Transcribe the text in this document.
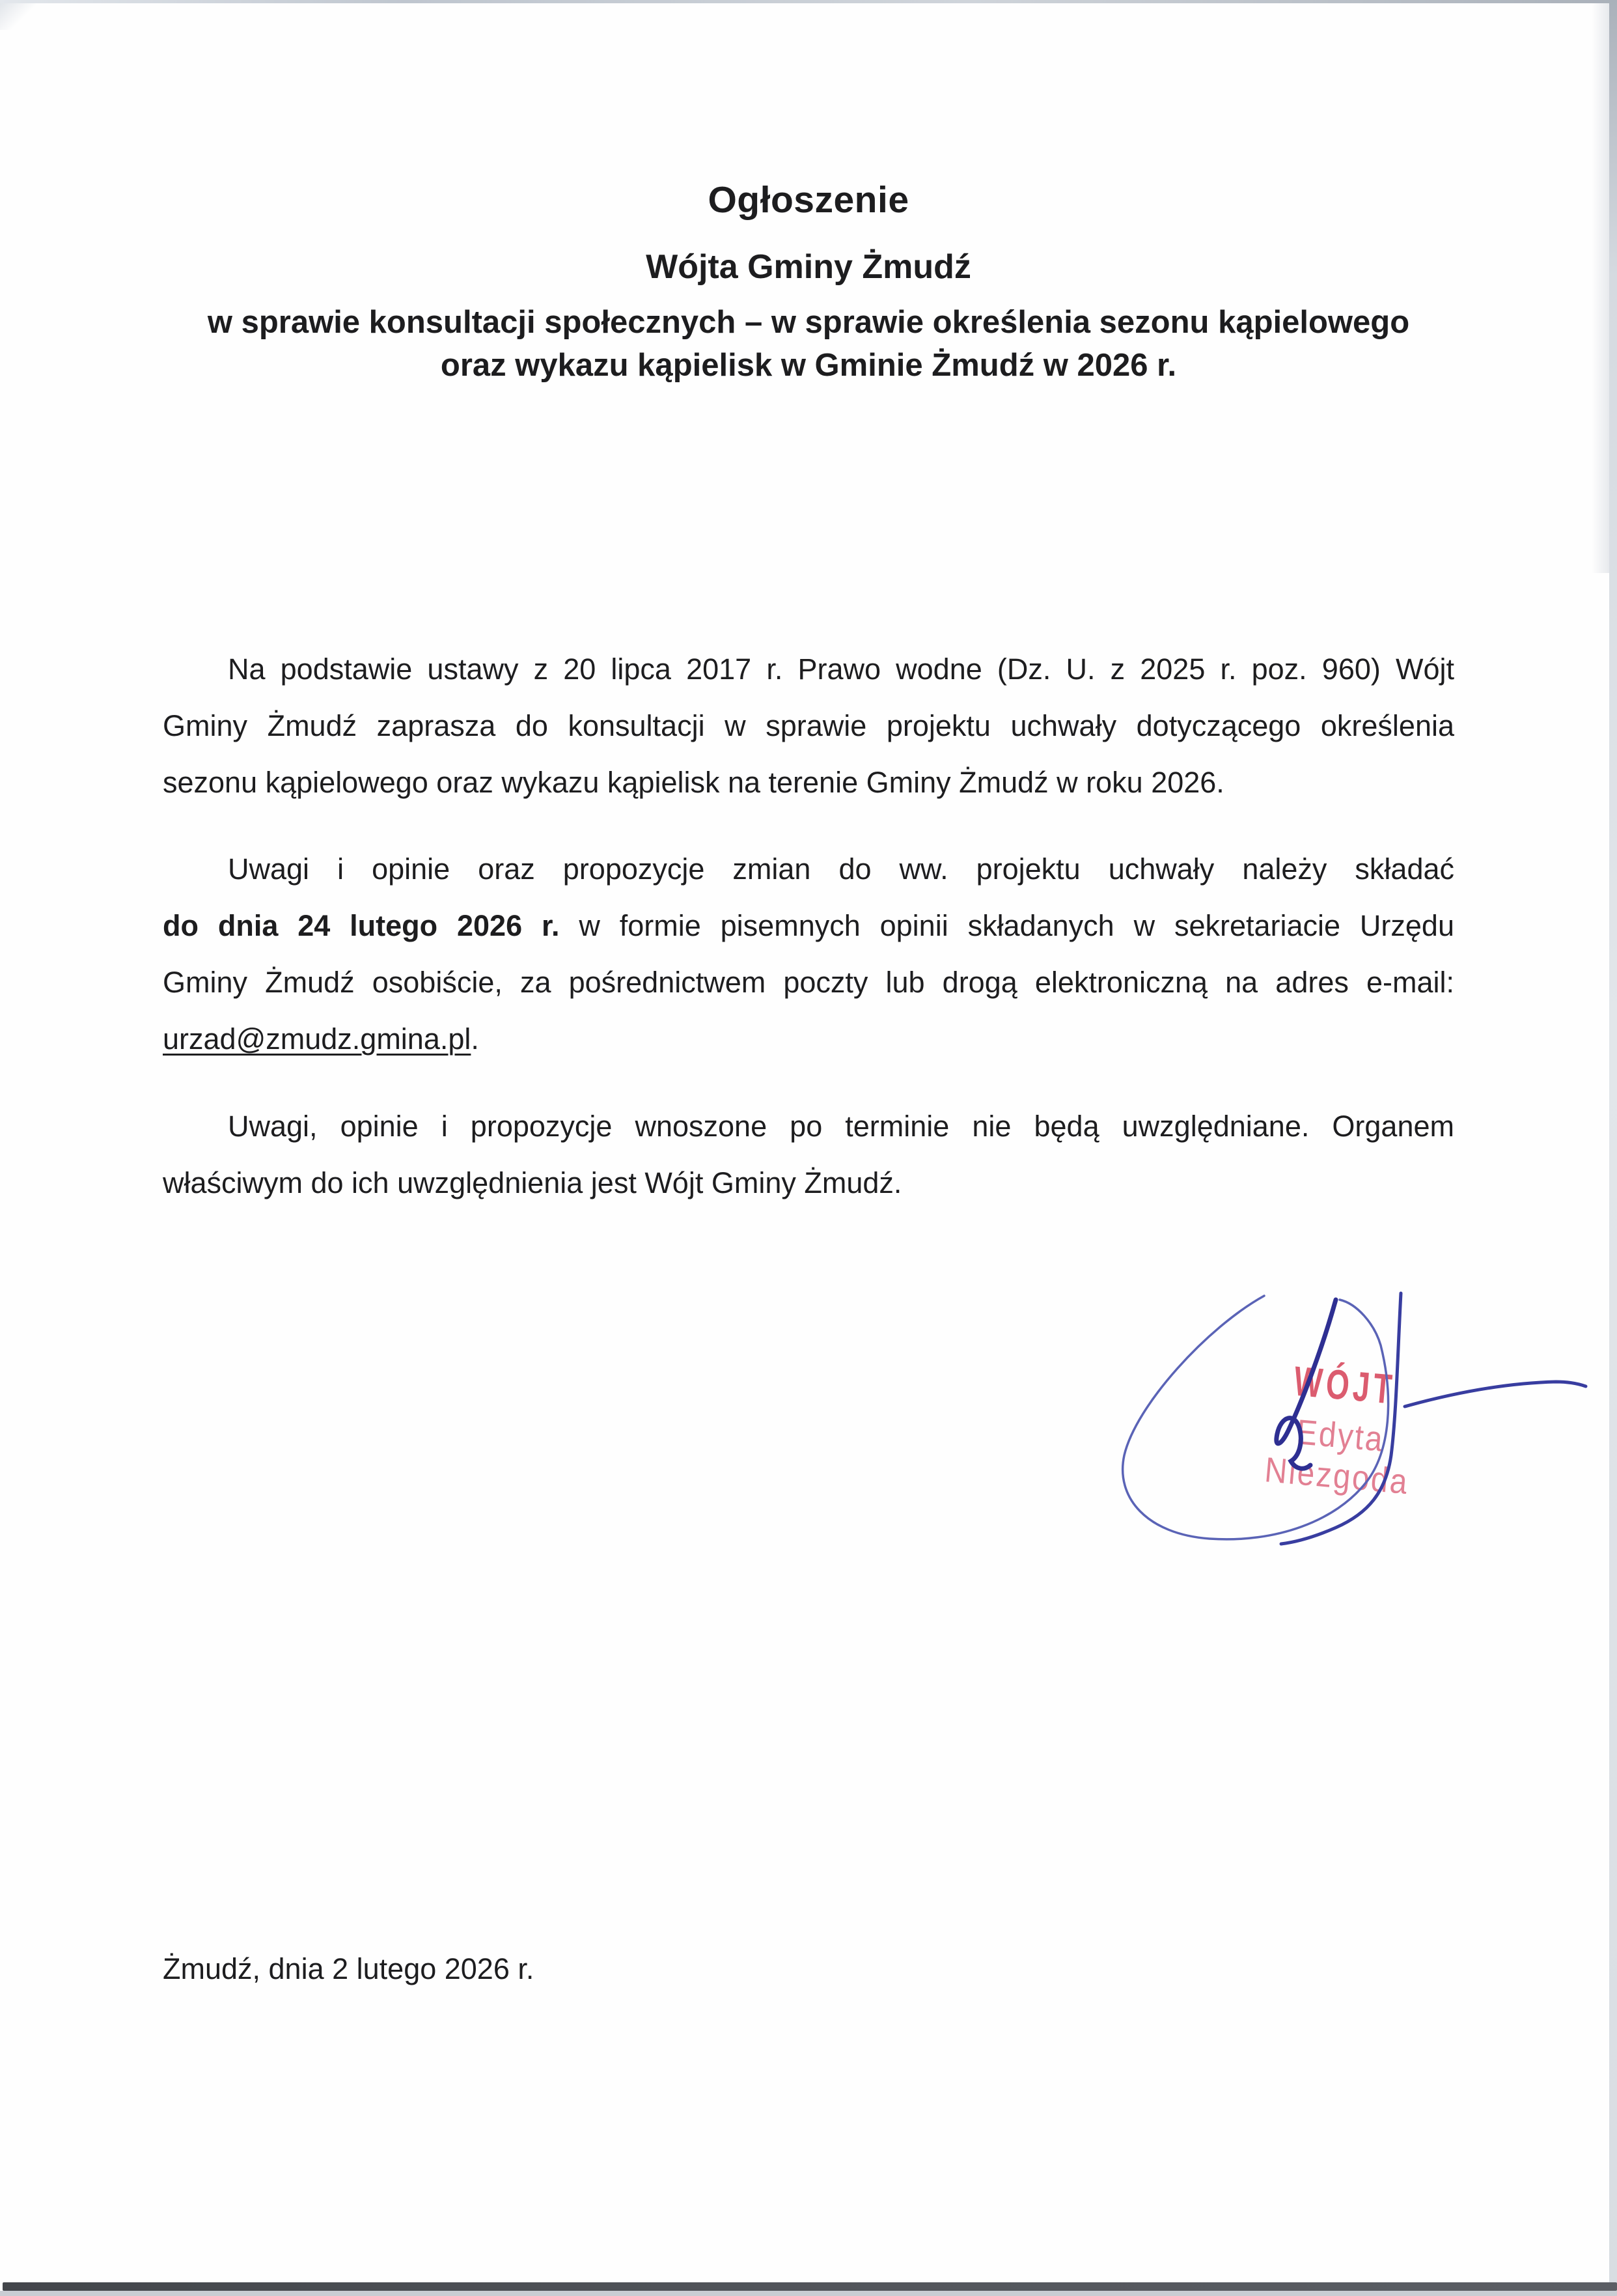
Ogłoszenie
Wójta Gminy Żmudź
w sprawie konsultacji społecznych – w sprawie określenia sezonu kąpielowego
oraz wykazu kąpielisk w Gminie Żmudź w 2026 r.
Na podstawie ustawy z 20 lipca 2017 r. Prawo wodne (Dz. U. z 2025 r. poz. 960) Wójt
Gminy Żmudź zaprasza do konsultacji w sprawie projektu uchwały dotyczącego określenia
sezonu kąpielowego oraz wykazu kąpielisk na terenie Gminy Żmudź w roku 2026.
Uwagi i opinie oraz propozycje zmian do ww. projektu uchwały należy składać
do dnia 24 lutego 2026 r. w formie pisemnych opinii składanych w sekretariacie Urzędu
Gminy Żmudź osobiście, za pośrednictwem poczty lub drogą elektroniczną na adres e-mail:
urzad@zmudz.gmina.pl.
Uwagi, opinie i propozycje wnoszone po terminie nie będą uwzględniane. Organem
właściwym do ich uwzględnienia jest Wójt Gminy Żmudź.
Żmudź, dnia 2 lutego 2026 r.
WÓJT
Edyta Niezgoda
